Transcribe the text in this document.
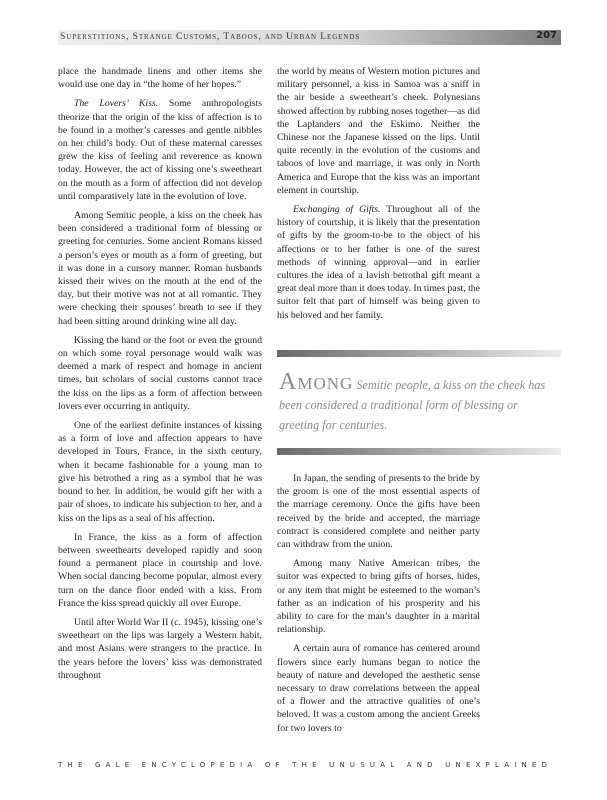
Superstitions, Strange Customs, Taboos, and Urban Legends	207

place the handmade linens and other items she would use one day in “the home of her hopes.”

The Lovers’ Kiss. Some anthropologists theorize that the origin of the kiss of affection is to be found in a mother’s caresses and gentle nibbles on her child’s body. Out of these maternal caresses grew the kiss of feeling and reverence as known today. However, the act of kissing one’s sweetheart on the mouth as a form of affection did not develop until comparatively late in the evolution of love.

Among Semitic people, a kiss on the cheek has been considered a traditional form of blessing or greeting for centuries. Some ancient Romans kissed a person’s eyes or mouth as a form of greeting, but it was done in a cursory manner. Roman husbands kissed their wives on the mouth at the end of the day, but their motive was not at all romantic. They were checking their spouses’ breath to see if they had been sitting around drinking wine all day.

Kissing the hand or the foot or even the ground on which some royal personage would walk was deemed a mark of respect and homage in ancient times, but scholars of social customs cannot trace the kiss on the lips as a form of affection between lovers ever occurring in antiquity.

One of the earliest definite instances of kissing as a form of love and affection appears to have developed in Tours, France, in the sixth century, when it became fashionable for a young man to give his betrothed a ring as a symbol that he was bound to her. In addition, he would gift her with a pair of shoes, to indicate his subjection to her, and a kiss on the lips as a seal of his affection.

In France, the kiss as a form of affection between sweethearts developed rapidly and soon found a permanent place in courtship and love. When social dancing become popular, almost every turn on the dance floor ended with a kiss. From France the kiss spread quickly all over Europe.

Until after World War II (c. 1945), kissing one’s sweetheart on the lips was largely a Western habit, and most Asians were strangers to the practice. In the years before the lovers’ kiss was demonstrated throughout

the world by means of Western motion pictures and military personnel, a kiss in Samoa was a sniff in the air beside a sweetheart’s cheek. Polynesians showed affection by rubbing noses together—as did the Laplanders and the Eskimo. Neither the Chinese nor the Japanese kissed on the lips. Until quite recently in the evolution of the customs and taboos of love and marriage, it was only in North America and Europe that the kiss was an important element in courtship.

Exchanging of Gifts. Throughout all of the history of courtship, it is likely that the presentation of gifts by the groom-to-be to the object of his affections or to her father is one of the surest methods of winning approval—and in earlier cultures the idea of a lavish betrothal gift meant a great deal more than it does today. In times past, the suitor felt that part of himself was being given to his beloved and her family.

Among Semitic people, a kiss on the cheek has been considered a traditional form of blessing or greeting for centuries.

In Japan, the sending of presents to the bride by the groom is one of the most essential aspects of the marriage ceremony. Once the gifts have been received by the bride and accepted, the marriage contract is considered complete and neither party can withdraw from the union.

Among many Native American tribes, the suitor was expected to bring gifts of horses, hides, or any item that might be esteemed to the woman’s father as an indication of his prosperity and his ability to care for the man’s daughter in a marital relationship.

A certain aura of romance has centered around flowers since early humans began to notice the beauty of nature and developed the aesthetic sense necessary to draw correlations between the appeal of a flower and the attractive qualities of one’s beloved. It was a custom among the ancient Greeks for two lovers to

THE GALE ENCYCLOPEDIA OF THE UNUSUAL AND UNEXPLAINED
